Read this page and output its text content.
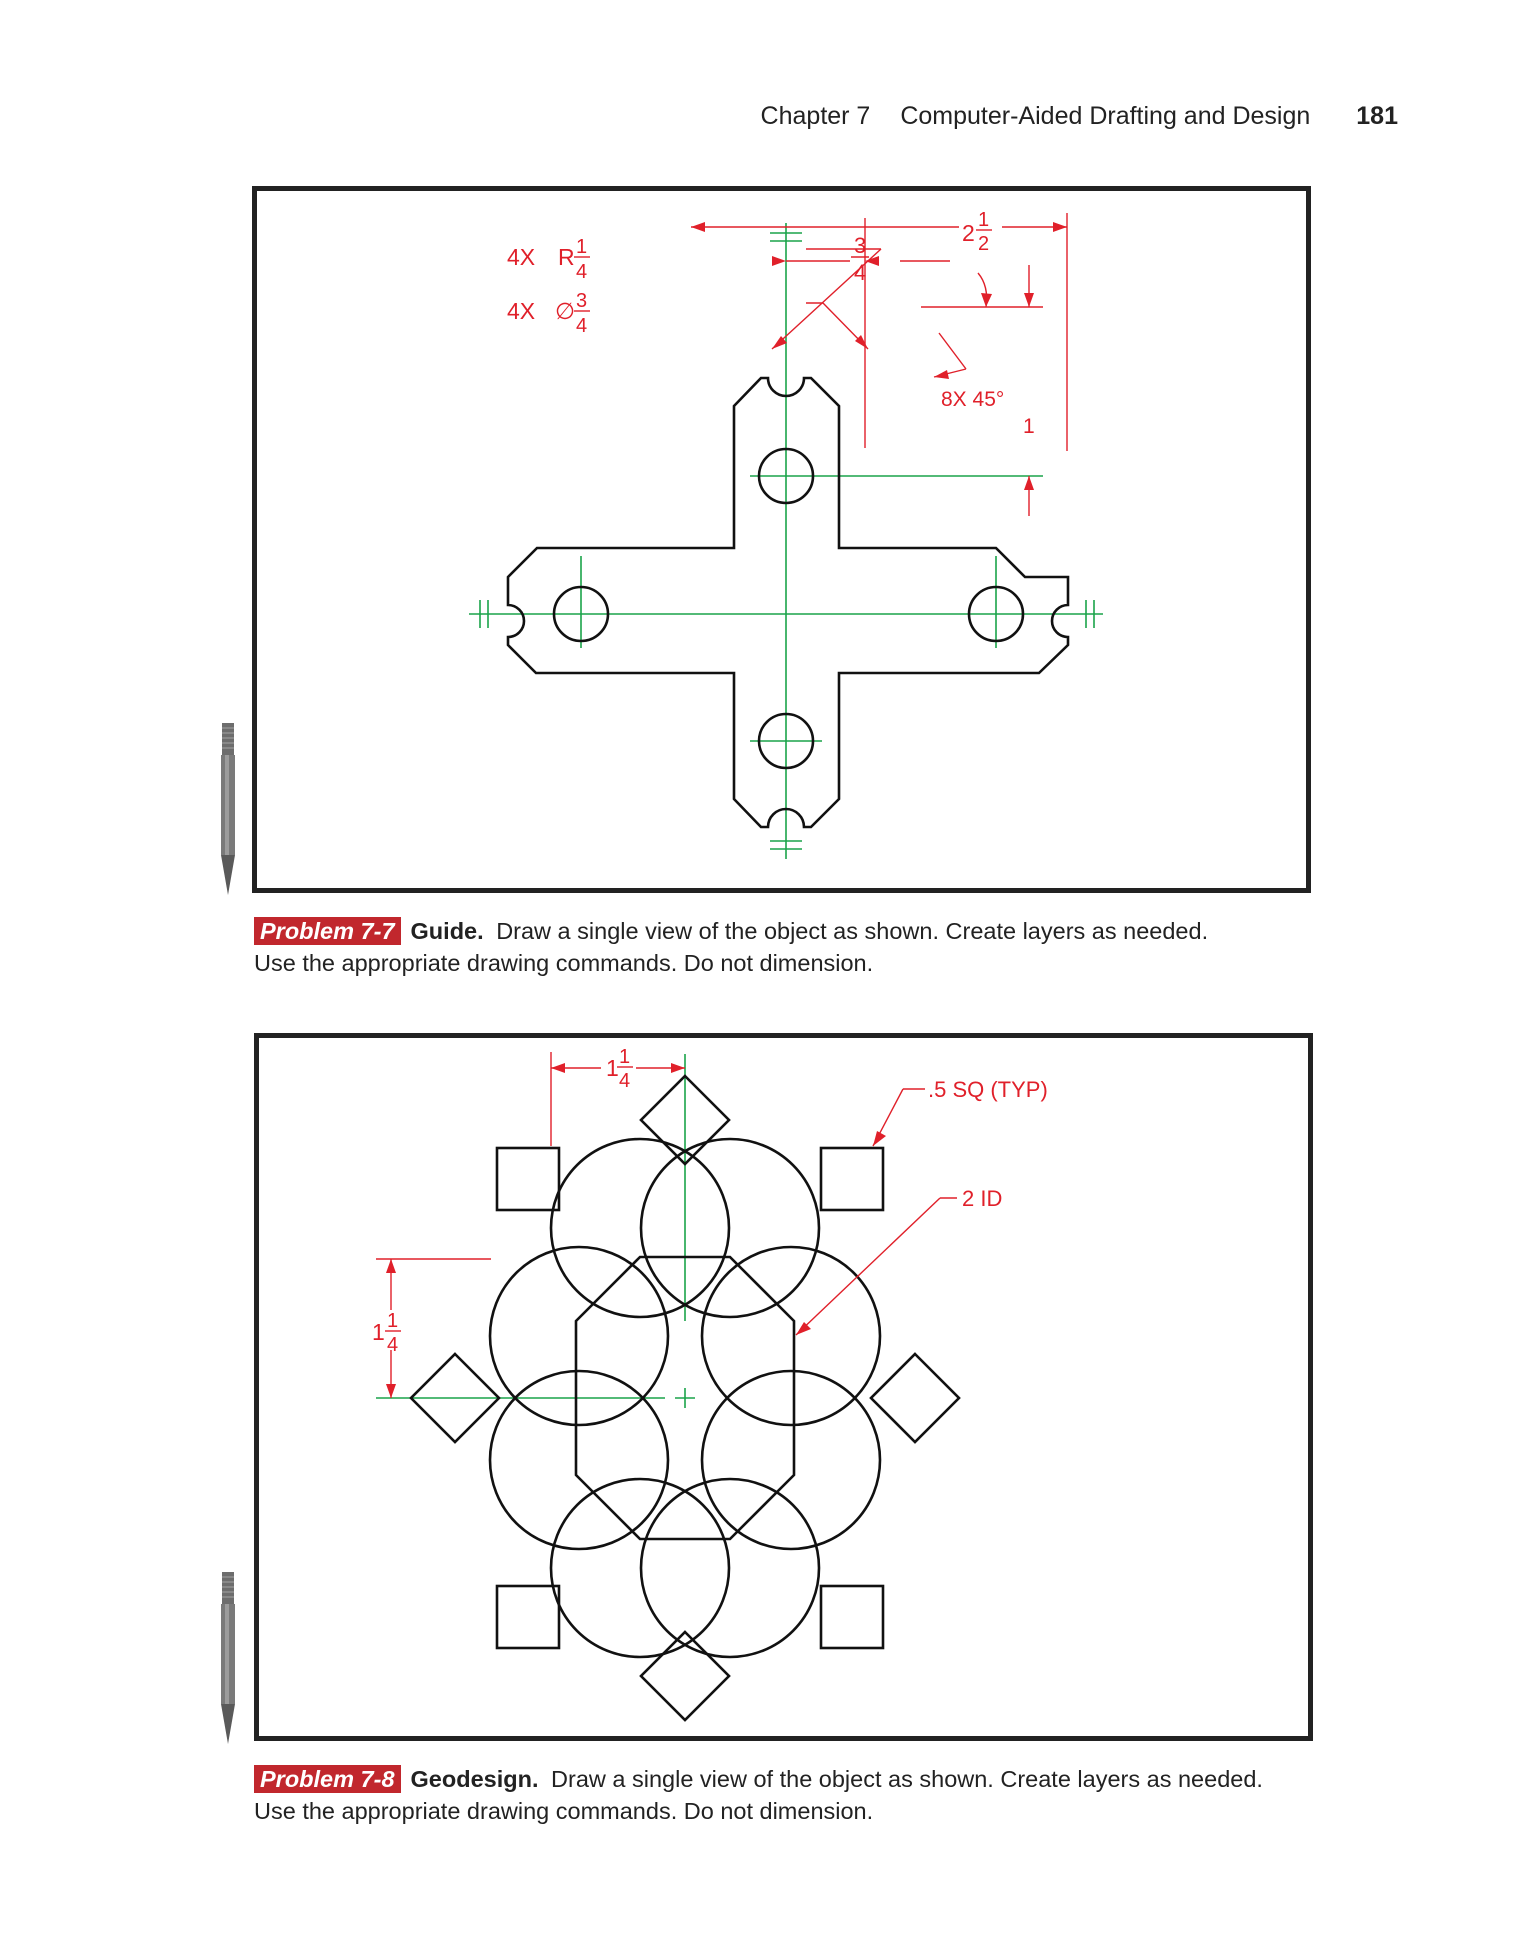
Chapter 7 Computer-Aided Drafting and Design 181
4X R 1
4
4X ∅ 3
4
3
4
2 1
2
8X 45°
1
Problem 7-7 Guide. Draw a single view of the object as shown. Create layers as needed.
Use the appropriate drawing commands. Do not dimension.
1 1
4
1 1
4
.5 SQ (TYP)
2 ID
Problem 7-8 Geodesign. Draw a single view of the object as shown. Create layers as needed.
Use the appropriate drawing commands. Do not dimension.
